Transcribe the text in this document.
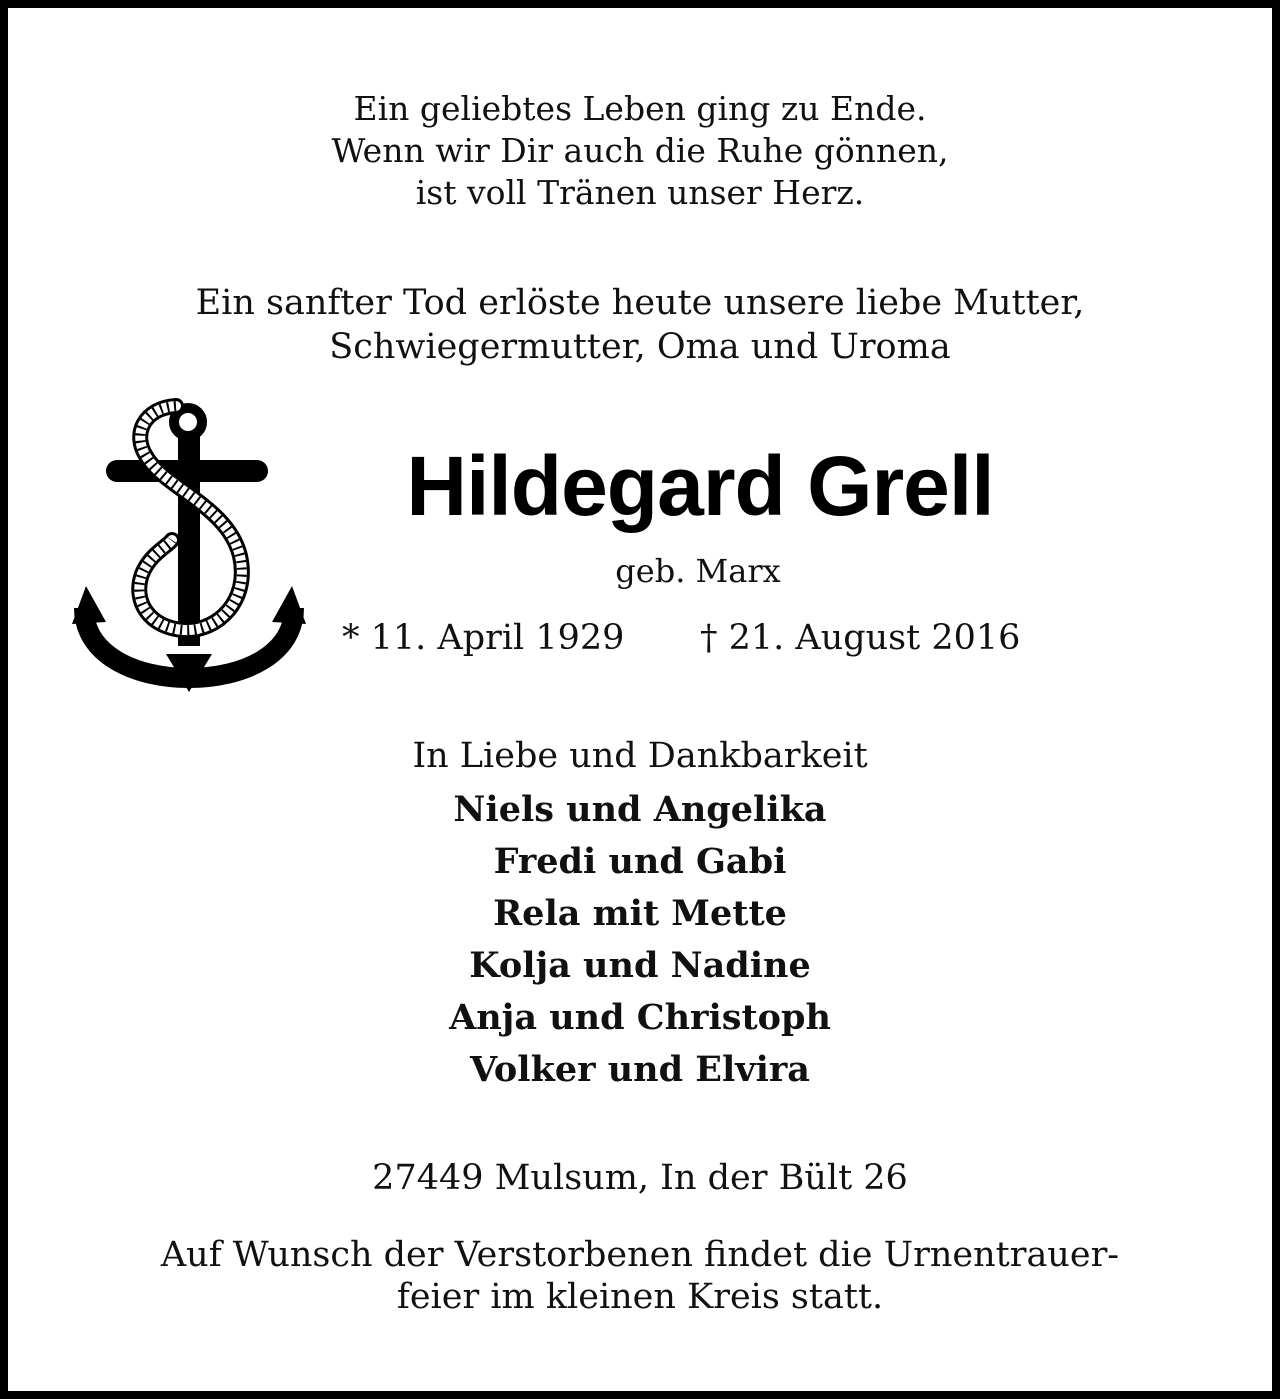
Ein geliebtes Leben ging zu Ende.
Wenn wir Dir auch die Ruhe gönnen,
ist voll Tränen unser Herz.
Ein sanfter Tod erlöste heute unsere liebe Mutter,
Schwiegermutter, Oma und Uroma
Hildegard Grell
geb. Marx
* 11. April 1929 † 21. August 2016
In Liebe und Dankbarkeit
Niels und Angelika
Fredi und Gabi
Rela mit Mette
Kolja und Nadine
Anja und Christoph
Volker und Elvira
27449 Mulsum, In der Bült 26
Auf Wunsch der Verstorbenen findet die Urnentrauer-
feier im kleinen Kreis statt.
